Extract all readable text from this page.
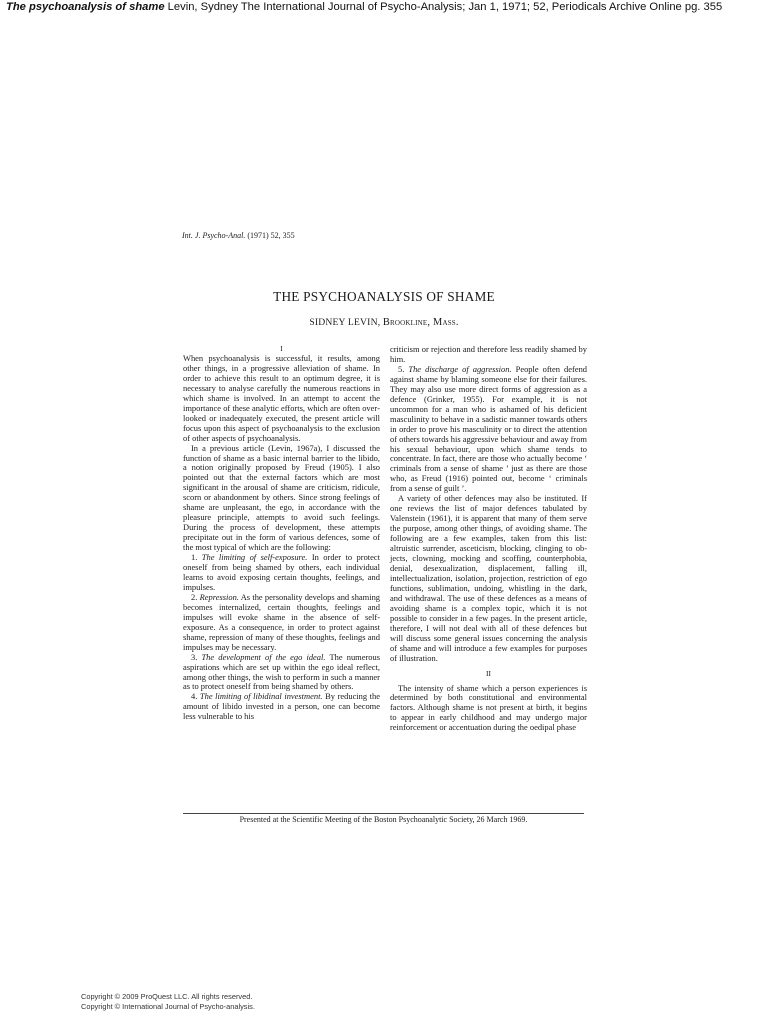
The psychoanalysis of shame Levin, Sydney The International Journal of Psycho-Analysis; Jan 1, 1971; 52, Periodicals Archive Online pg. 355
Int. J. Psycho-Anal. (1971) 52, 355
THE PSYCHOANALYSIS OF SHAME
SIDNEY LEVIN, Brookline, Mass.
I

When psychoanalysis is successful, it results, among other things, in a progressive alleviation of shame. In order to achieve this result to an optimum degree, it is necessary to analyse carefully the numerous reactions in which shame is involved. In an attempt to accent the importance of these analytic efforts, which are often overlooked or inadequately executed, the present article will focus upon this aspect of psychoanalysis to the exclusion of other aspects of psychoanalysis.

In a previous article (Levin, 1967a), I discussed the function of shame as a basic internal barrier to the libido, a notion originally proposed by Freud (1905). I also pointed out that the external factors which are most significant in the arousal of shame are criticism, ridicule, scorn or abandonment by others. Since strong feelings of shame are unpleasant, the ego, in accordance with the pleasure principle, attempts to avoid such feelings. During the process of development, these attempts precipitate out in the form of various defences, some of the most typical of which are the following:

1. The limiting of self-exposure. In order to protect oneself from being shamed by others, each individual learns to avoid exposing certain thoughts, feelings, and impulses.

2. Repression. As the personality develops and shaming becomes internalized, certain thoughts, feelings and impulses will evoke shame in the absence of self-exposure. As a consequence, in order to protect against shame, repression of many of these thoughts, feelings and impulses may be necessary.

3. The development of the ego ideal. The numerous aspirations which are set up within the ego ideal reflect, among other things, the wish to perform in such a manner as to protect oneself from being shamed by others.

4. The limiting of libidinal investment. By reducing the amount of libido invested in a person, one can become less vulnerable to his

criticism or rejection and therefore less readily shamed by him.

5. The discharge of aggression. People often defend against shame by blaming someone else for their failures. They may also use more direct forms of aggression as a defence (Grinker, 1955). For example, it is not uncommon for a man who is ashamed of his deficient masculinity to behave in a sadistic manner towards others in order to prove his masculinity or to direct the attention of others towards his aggressive behaviour and away from his sexual behaviour, upon which shame tends to concentrate. In fact, there are those who actually become ‘ criminals from a sense of shame ’ just as there are those who, as Freud (1916) pointed out, become ‘ criminals from a sense of guilt ’.

A variety of other defences may also be instituted. If one reviews the list of major defences tabulated by Valenstein (1961), it is apparent that many of them serve the purpose, among other things, of avoiding shame. The following are a few examples, taken from this list: altruistic surrender, asceticism, blocking, clinging to objects, clowning, mocking and scoffing, counterphobia, denial, desexualization, displacement, falling ill, intellectualization, isolation, projection, restriction of ego functions, sublimation, undoing, whistling in the dark, and withdrawal. The use of these defences as a means of avoiding shame is a complex topic, which it is not possible to consider in a few pages. In the present article, therefore, I will not deal with all of these defences but will discuss some general issues concerning the analysis of shame and will introduce a few examples for purposes of illustration.

II

The intensity of shame which a person experiences is determined by both constitutional and environmental factors. Although shame is not present at birth, it begins to appear in early childhood and may undergo major reinforcement or accentuation during the oedipal phase

Presented at the Scientific Meeting of the Boston Psychoanalytic Society, 26 March 1969.
Copyright © 2009 ProQuest LLC. All rights reserved.
Copyright © International Journal of Psycho-analysis.
